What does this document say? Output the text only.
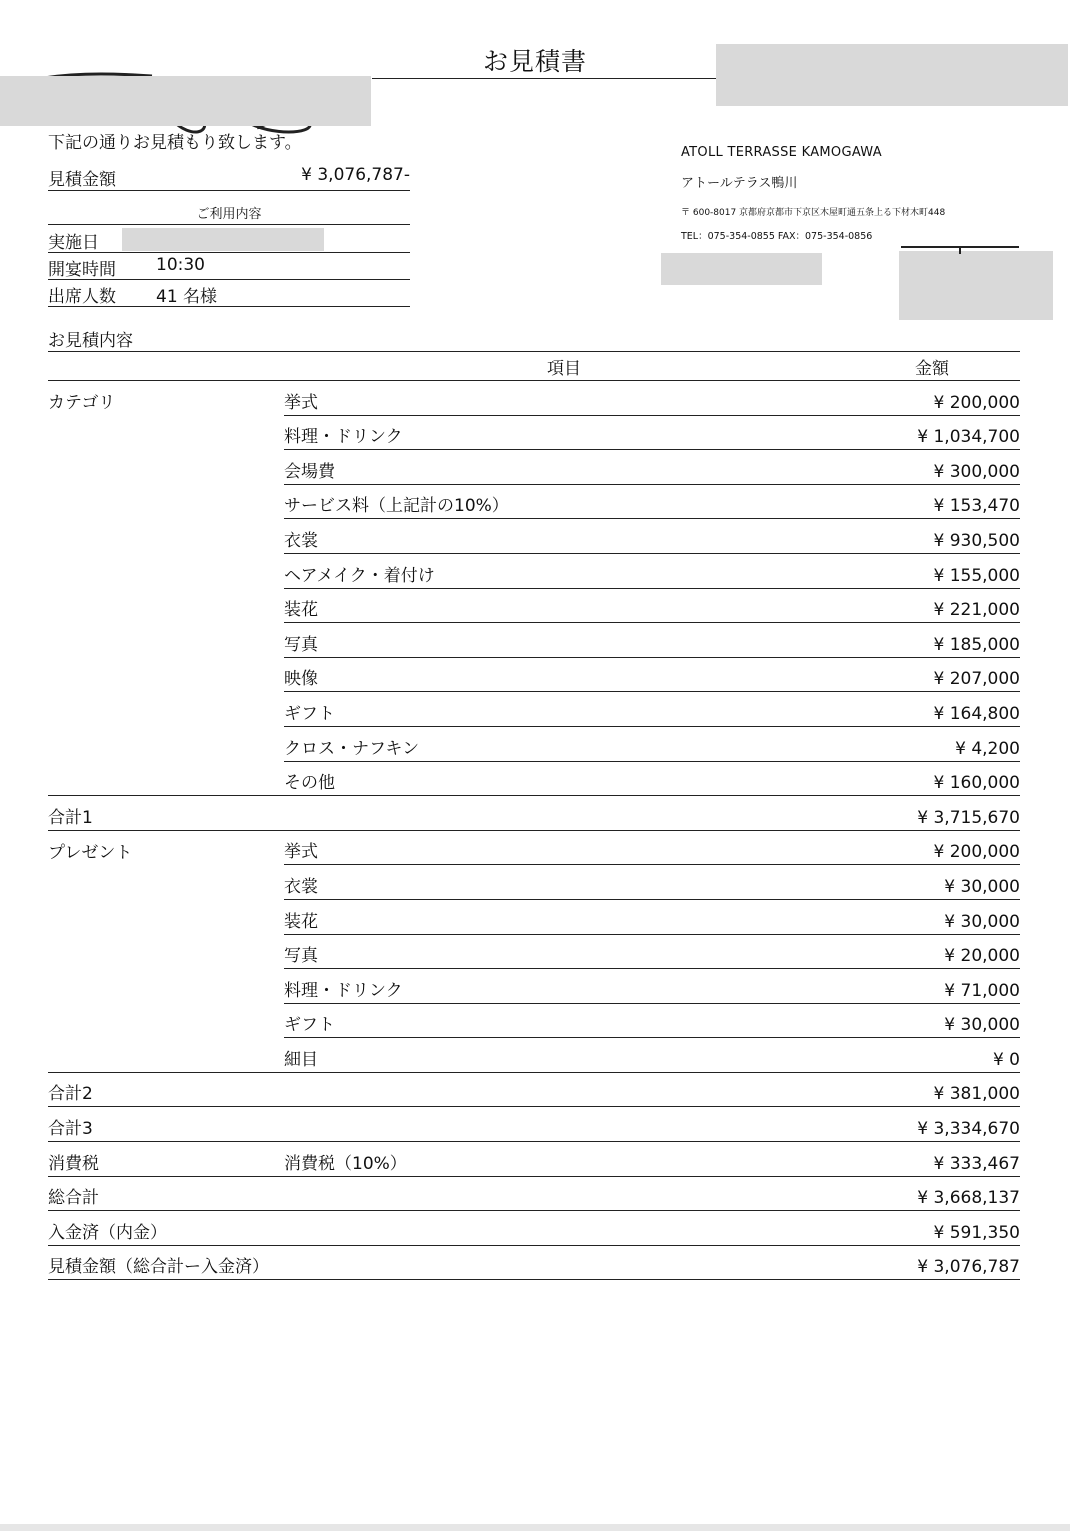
お見積書
下記の通りお見積もり致します。
見積金額	¥ 3,076,787-
ご利用内容
実施日
開宴時間 10:30
出席人数 41 名様
ATOLL TERRASSE KAMOGAWA
アトールテラス鴨川
〒 600-8017 京都府京都市下京区木屋町通五条上る下材木町448
TEL：075-354-0855 FAX：075-354-0856
お見積内容
	項目	金額
カテゴリ	挙式	¥ 200,000
	料理・ドリンク	¥ 1,034,700
	会場費	¥ 300,000
	サービス料（上記計の10%）	¥ 153,470
	衣裳	¥ 930,500
	ヘアメイク・着付け	¥ 155,000
	装花	¥ 221,000
	写真	¥ 185,000
	映像	¥ 207,000
	ギフト	¥ 164,800
	クロス・ナフキン	¥ 4,200
	その他	¥ 160,000
合計1		¥ 3,715,670
プレゼント	挙式	¥ 200,000
	衣裳	¥ 30,000
	装花	¥ 30,000
	写真	¥ 20,000
	料理・ドリンク	¥ 71,000
	ギフト	¥ 30,000
	細目	¥ 0
合計2		¥ 381,000
合計3		¥ 3,334,670
消費税	消費税（10%）	¥ 333,467
総合計		¥ 3,668,137
入金済（内金）		¥ 591,350
見積金額（総合計ー入金済）		¥ 3,076,787
